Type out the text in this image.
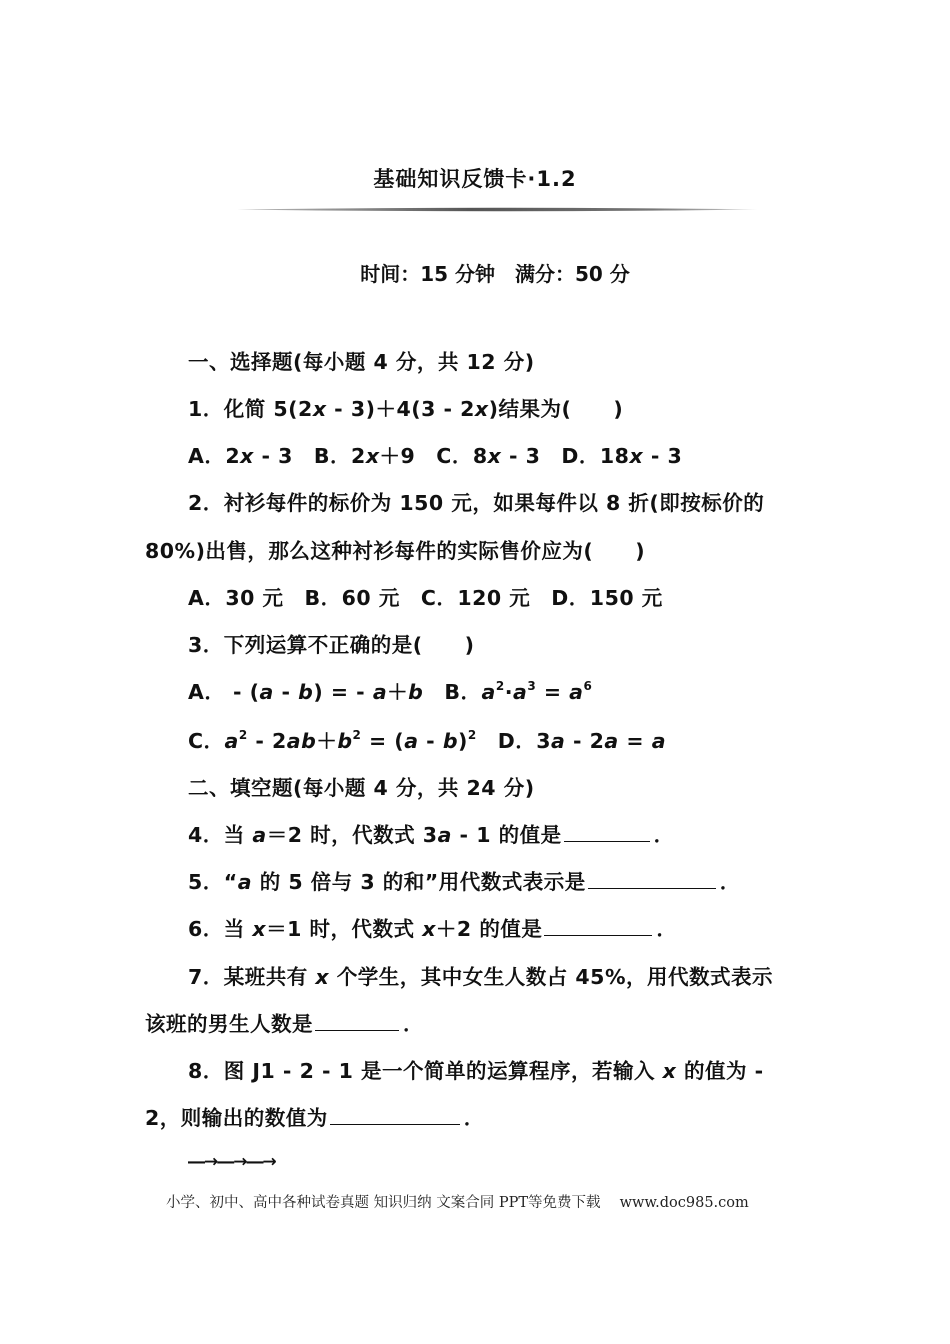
基础知识反馈卡·1.2
时间：15 分钟　满分：50 分
一、选择题(每小题 4 分，共 12 分)
1．化简 5(2x - 3)＋4(3 - 2x)结果为(　　)
A．2x - 3　B．2x＋9　C．8x - 3　D．18x - 3
2．衬衫每件的标价为 150 元，如果每件以 8 折(即按标价的
80%)出售，那么这种衬衫每件的实际售价应为(　　)
A．30 元　B．60 元　C．120 元　D．150 元
3．下列运算不正确的是(　　)
A． - (a - b) = - a＋b　B．$a^2\cdot a^3 = a^6$
C．$a^2 - 2ab+b^2 = (a - b)^2$　D．3a - 2a = a
二、填空题(每小题 4 分，共 24 分)
4．当 a＝2 时，代数式 3a - 1 的值是	．
5．“a 的 5 倍与 3 的和”用代数式表示是	．
6．当 x＝1 时，代数式 x＋2 的值是	．
7．某班共有 x 个学生，其中女生人数占 45%，用代数式表示
该班的男生人数是	．
8．图 J1 - 2 - 1 是一个简单的运算程序，若输入 x 的值为 -
2，则输出的数值为	．
―→―→―→
小学、初中、高中各种试卷真题 知识归纳 文案合同 PPT等免费下载　 www.doc985.com
